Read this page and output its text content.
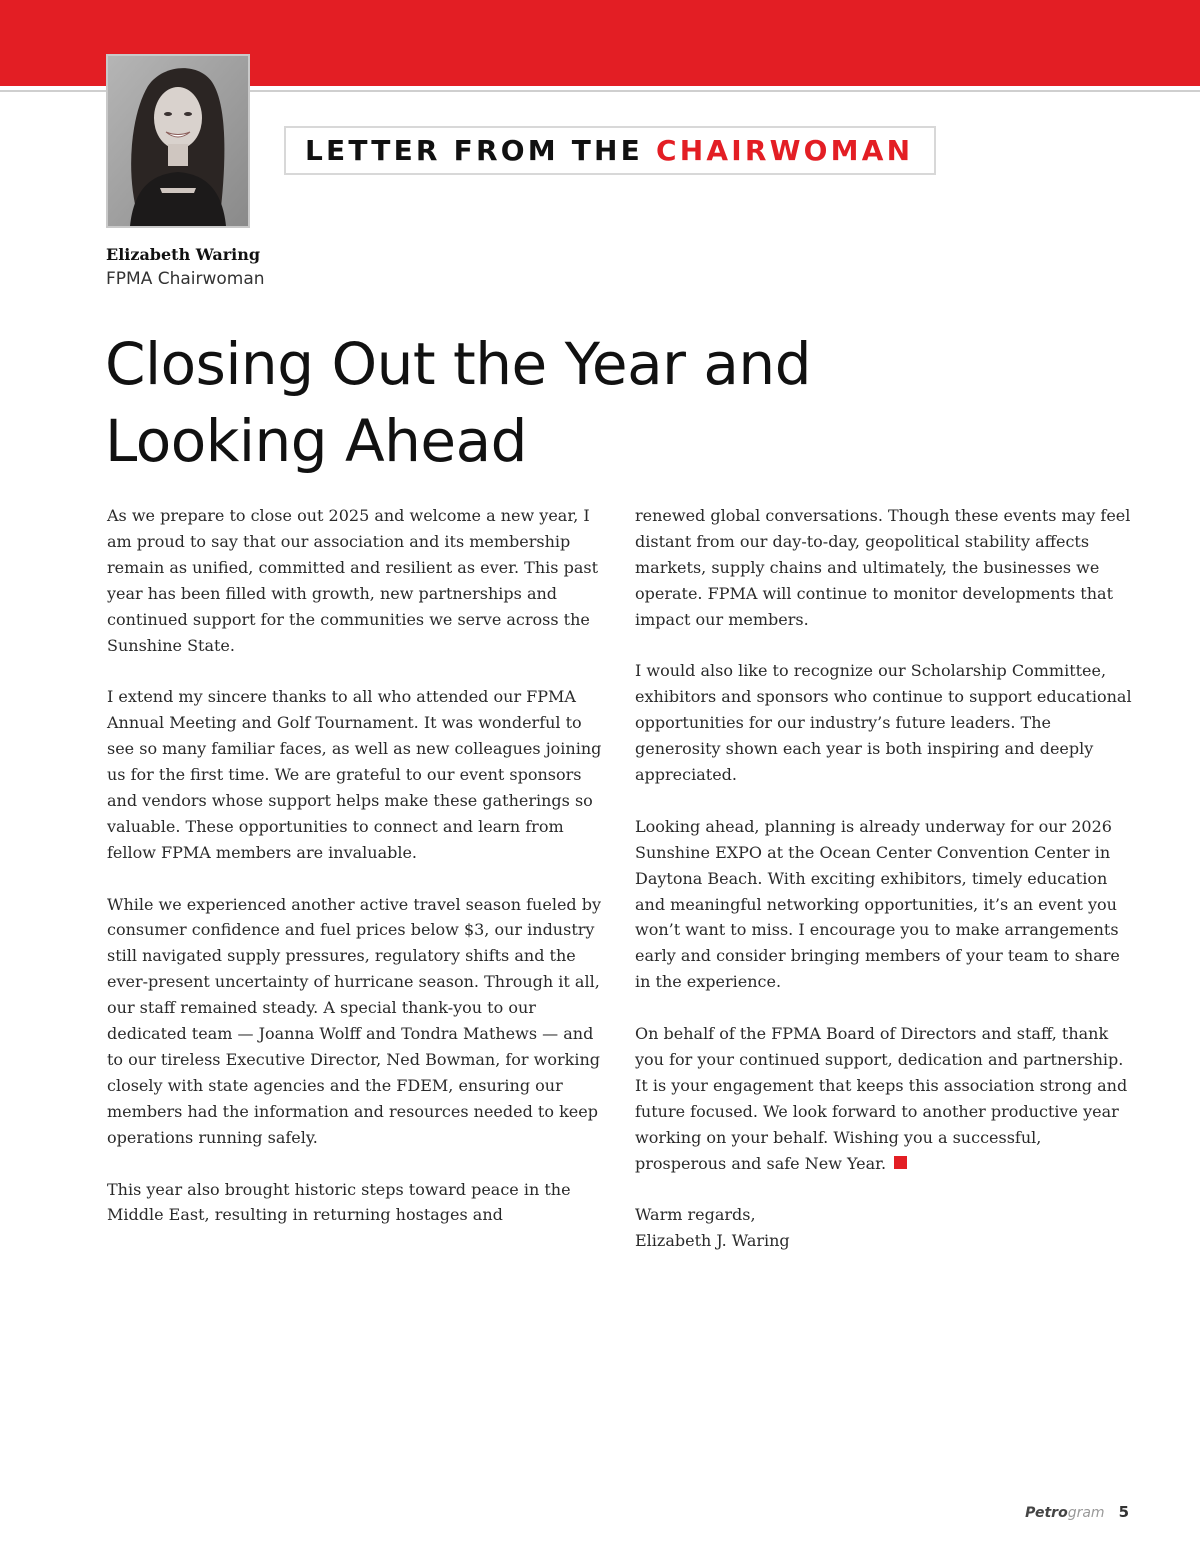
LETTER FROM THE
CHAIRWOMAN
Elizabeth Waring
FPMA Chairwoman
Closing Out the Year and
Looking Ahead

As we prepare to close out 2025 and welcome a new year, I am proud to say that our association and its membership remain as unified, committed and resilient as ever. This past year has been filled with growth, new partnerships and continued support for the communities we serve across the Sunshine State.

I extend my sincere thanks to all who attended our FPMA Annual Meeting and Golf Tournament. It was wonderful to see so many familiar faces, as well as new colleagues joining us for the first time. We are grateful to our event sponsors and vendors whose support helps make these gatherings so valuable. These opportunities to connect and learn from fellow FPMA members are invaluable.

While we experienced another active travel season fueled by consumer confidence and fuel prices below $3, our industry still navigated supply pressures, regulatory shifts and the ever-present uncertainty of hurricane season. Through it all, our staff remained steady. A special thank-you to our dedicated team — Joanna Wolff and Tondra Mathews — and to our tireless Executive Director, Ned Bowman, for working closely with state agencies and the FDEM, ensuring our members had the information and resources needed to keep operations running safely.

This year also brought historic steps toward peace in the Middle East, resulting in returning hostages and

renewed global conversations. Though these events may feel distant from our day-to-day, geopolitical stability affects markets, supply chains and ultimately, the businesses we operate. FPMA will continue to monitor developments that impact our members.

I would also like to recognize our Scholarship Committee, exhibitors and sponsors who continue to support educational opportunities for our industry’s future leaders. The generosity shown each year is both inspiring and deeply appreciated.

Looking ahead, planning is already underway for our 2026 Sunshine EXPO at the Ocean Center Convention Center in Daytona Beach. With exciting exhibitors, timely education and meaningful networking opportunities, it’s an event you won’t want to miss. I encourage you to make arrangements early and consider bringing members of your team to share in the experience.

On behalf of the FPMA Board of Directors and staff, thank you for your continued support, dedication and partnership. It is your engagement that keeps this association strong and future focused. We look forward to another productive year working on your behalf. Wishing you a successful, prosperous and safe New Year.

Warm regards,
Elizabeth J. Waring
Petro gram 5
